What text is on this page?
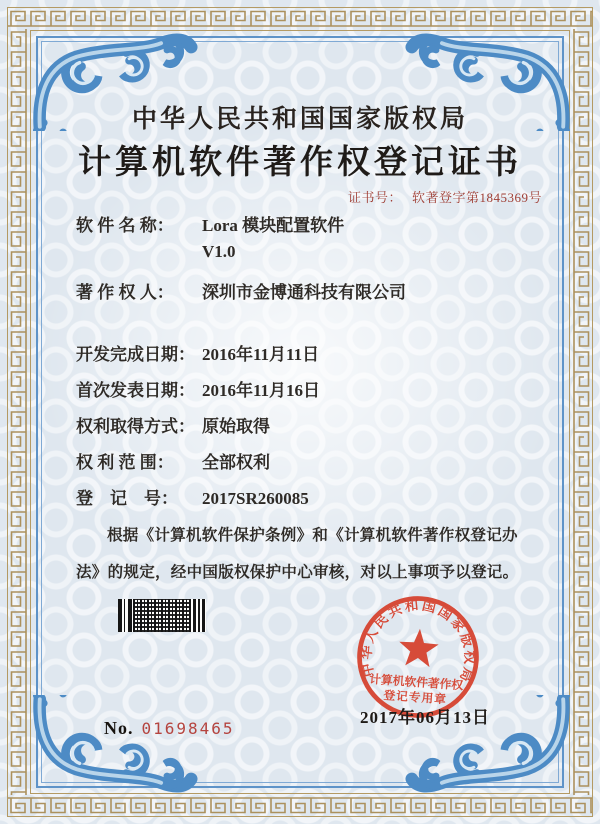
中华人民共和国国家版权局
计算机软件著作权登记证书
证书号： 软著登字第1845369号
软 件 名 称：	Lora 模块配置软件
V1.0
著 作 权 人：	深圳市金博通科技有限公司
开发完成日期： 2016年11月11日
首次发表日期： 2016年11月16日
权利取得方式： 原始取得
权 利 范 围：	全部权利
登　记　号：	2017SR260085
根据《计算机软件保护条例》和《计算机软件著作权登记办法》的规定，经中国版权保护中心审核，对以上事项予以登记。
中华人民共和国国家版权局
计算机软件著作权
登记专用章
2017年06月13日
No. 01698465
